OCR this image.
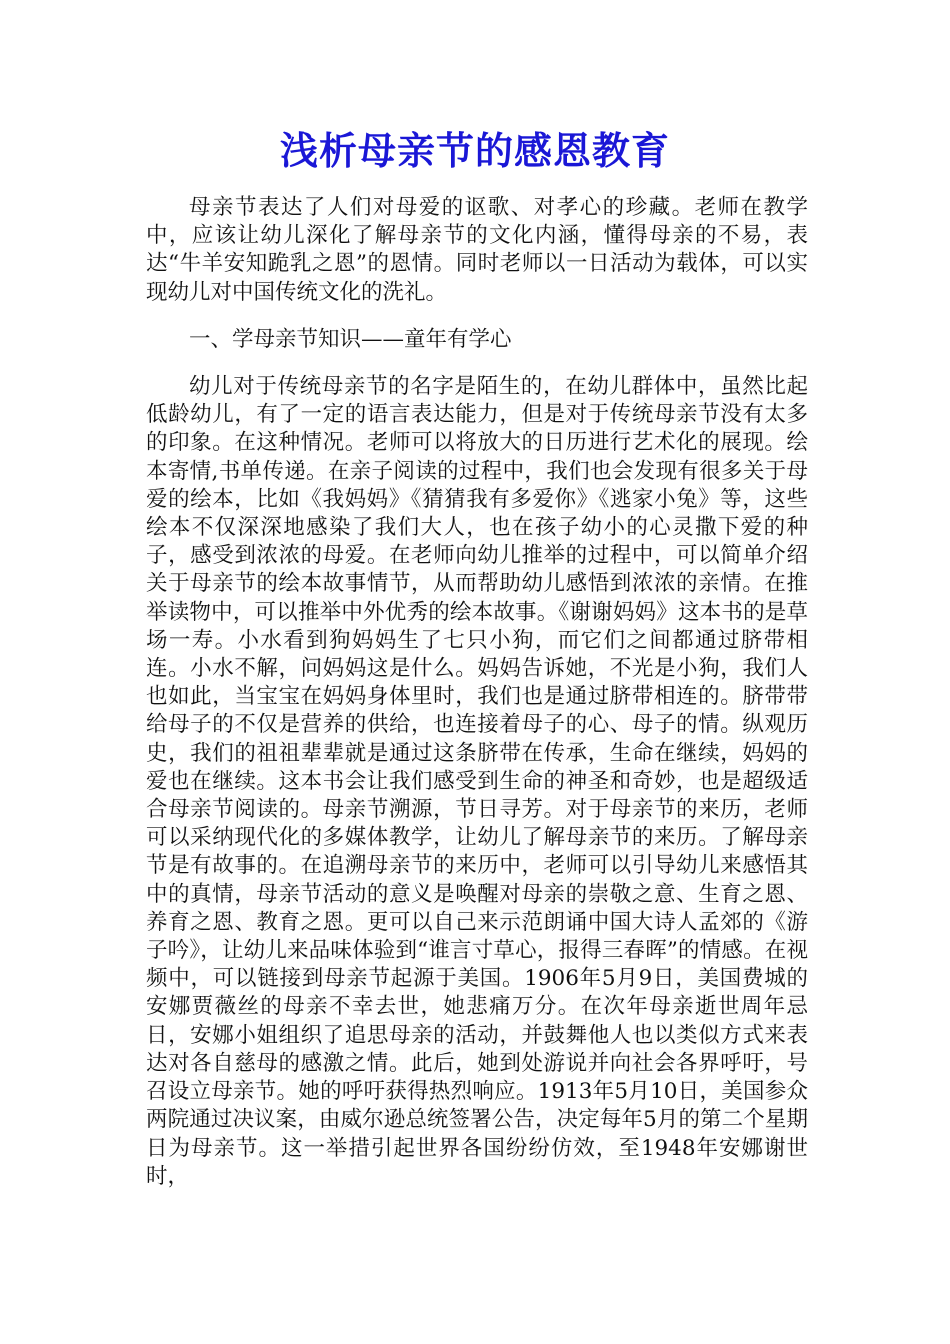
浅析母亲节的感恩教育

母亲节表达了人们对母爱的讴歌、对孝心的珍藏。老师在教学中，应该让幼儿深化了解母亲节的文化内涵，懂得母亲的不易，表达“牛羊安知跪乳之恩”的恩情。同时老师以一日活动为载体，可以实现幼儿对中国传统文化的洗礼。

一、学母亲节知识——童年有学心

幼儿对于传统母亲节的名字是陌生的，在幼儿群体中，虽然比起低龄幼儿，有了一定的语言表达能力，但是对于传统母亲节没有太多的印象。在这种情况。老师可以将放大的日历进行艺术化的展现。绘本寄情,书单传递。在亲子阅读的过程中，我们也会发现有很多关于母爱的绘本，比如《我妈妈》《猜猜我有多爱你》《逃家小兔》等，这些绘本不仅深深地感染了我们大人，也在孩子幼小的心灵撒下爱的种子，感受到浓浓的母爱。在老师向幼儿推举的过程中，可以简单介绍关于母亲节的绘本故事情节，从而帮助幼儿感悟到浓浓的亲情。在推举读物中，可以推举中外优秀的绘本故事。《谢谢妈妈》这本书的是草场一寿。小水看到狗妈妈生了七只小狗，而它们之间都通过脐带相连。小水不解，问妈妈这是什么。妈妈告诉她，不光是小狗，我们人也如此，当宝宝在妈妈身体里时，我们也是通过脐带相连的。脐带带给母子的不仅是营养的供给，也连接着母子的心、母子的情。纵观历史，我们的祖祖辈辈就是通过这条脐带在传承，生命在继续，妈妈的爱也在继续。这本书会让我们感受到生命的神圣和奇妙，也是超级适合母亲节阅读的。母亲节溯源，节日寻芳。对于母亲节的来历，老师可以采纳现代化的多媒体教学，让幼儿了解母亲节的来历。了解母亲节是有故事的。在追溯母亲节的来历中，老师可以引导幼儿来感悟其中的真情，母亲节活动的意义是唤醒对母亲的崇敬之意、生育之恩、养育之恩、教育之恩。更可以自己来示范朗诵中国大诗人孟郊的《游子吟》，让幼儿来品味体验到“谁言寸草心，报得三春晖”的情感。在视频中，可以链接到母亲节起源于美国。1906年5月9日，美国费城的安娜贾薇丝的母亲不幸去世，她悲痛万分。在次年母亲逝世周年忌日，安娜小姐组织了追思母亲的活动，并鼓舞他人也以类似方式来表达对各自慈母的感激之情。此后，她到处游说并向社会各界呼吁，号召设立母亲节。她的呼吁获得热烈响应。1913年5月10日，美国参众两院通过决议案，由威尔逊总统签署公告，决定每年5月的第二个星期日为母亲节。这一举措引起世界各国纷纷仿效，至1948年安娜谢世时，
